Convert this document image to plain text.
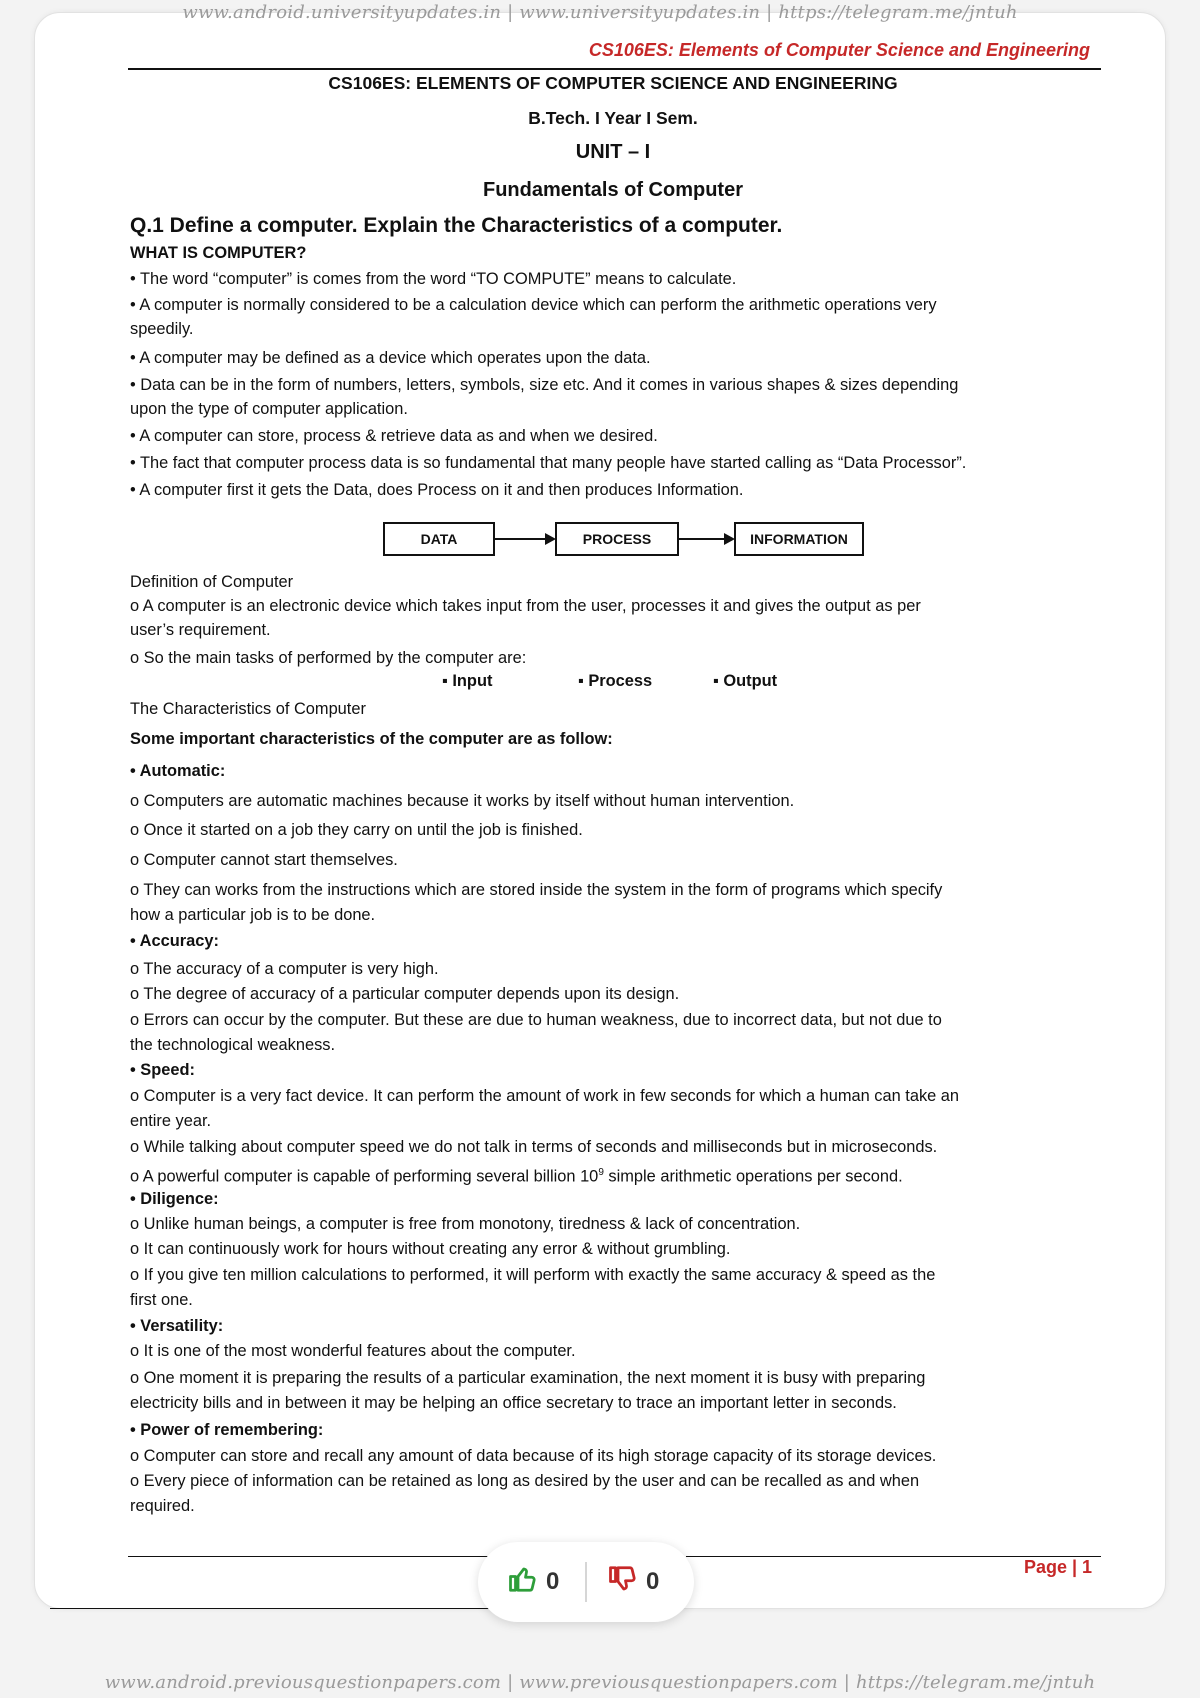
www.android.universityupdates.in | www.universityupdates.in | https://telegram.me/jntuh
CS106ES: Elements of Computer Science and Engineering
CS106ES: ELEMENTS OF COMPUTER SCIENCE AND ENGINEERING
B.Tech. I Year I Sem.
UNIT – I
Fundamentals of Computer
Q.1 Define a computer. Explain the Characteristics of a computer.
WHAT IS COMPUTER?
• The word “computer” is comes from the word “TO COMPUTE” means to calculate.
• A computer is normally considered to be a calculation device which can perform the arithmetic operations very
speedily.
• A computer may be defined as a device which operates upon the data.
• Data can be in the form of numbers, letters, symbols, size etc. And it comes in various shapes & sizes depending
upon the type of computer application.
• A computer can store, process & retrieve data as and when we desired.
• The fact that computer process data is so fundamental that many people have started calling as “Data Processor”.
• A computer first it gets the Data, does Process on it and then produces Information.
DATA	PROCESS	INFORMATION
Definition of Computer
o A computer is an electronic device which takes input from the user, processes it and gives the output as per
user’s requirement.
o So the main tasks of performed by the computer are:
▪ Input	▪ Process	▪ Output
The Characteristics of Computer
Some important characteristics of the computer are as follow:
• Automatic:
o Computers are automatic machines because it works by itself without human intervention.
o Once it started on a job they carry on until the job is finished.
o Computer cannot start themselves.
o They can works from the instructions which are stored inside the system in the form of programs which specify
how a particular job is to be done.
• Accuracy:
o The accuracy of a computer is very high.
o The degree of accuracy of a particular computer depends upon its design.
o Errors can occur by the computer. But these are due to human weakness, due to incorrect data, but not due to
the technological weakness.
• Speed:
o Computer is a very fact device. It can perform the amount of work in few seconds for which a human can take an
entire year.
o While talking about computer speed we do not talk in terms of seconds and milliseconds but in microseconds.
o A powerful computer is capable of performing several billion $10^9$ simple arithmetic operations per second.
• Diligence:
o Unlike human beings, a computer is free from monotony, tiredness & lack of concentration.
o It can continuously work for hours without creating any error & without grumbling.
o If you give ten million calculations to performed, it will perform with exactly the same accuracy & speed as the
first one.
• Versatility:
o It is one of the most wonderful features about the computer.
o One moment it is preparing the results of a particular examination, the next moment it is busy with preparing
electricity bills and in between it may be helping an office secretary to trace an important letter in seconds.
• Power of remembering:
o Computer can store and recall any amount of data because of its high storage capacity of its storage devices.
o Every piece of information can be retained as long as desired by the user and can be recalled as and when
required.
Page | 1
0	0
www.android.previousquestionpapers.com | www.previousquestionpapers.com | https://telegram.me/jntuh
